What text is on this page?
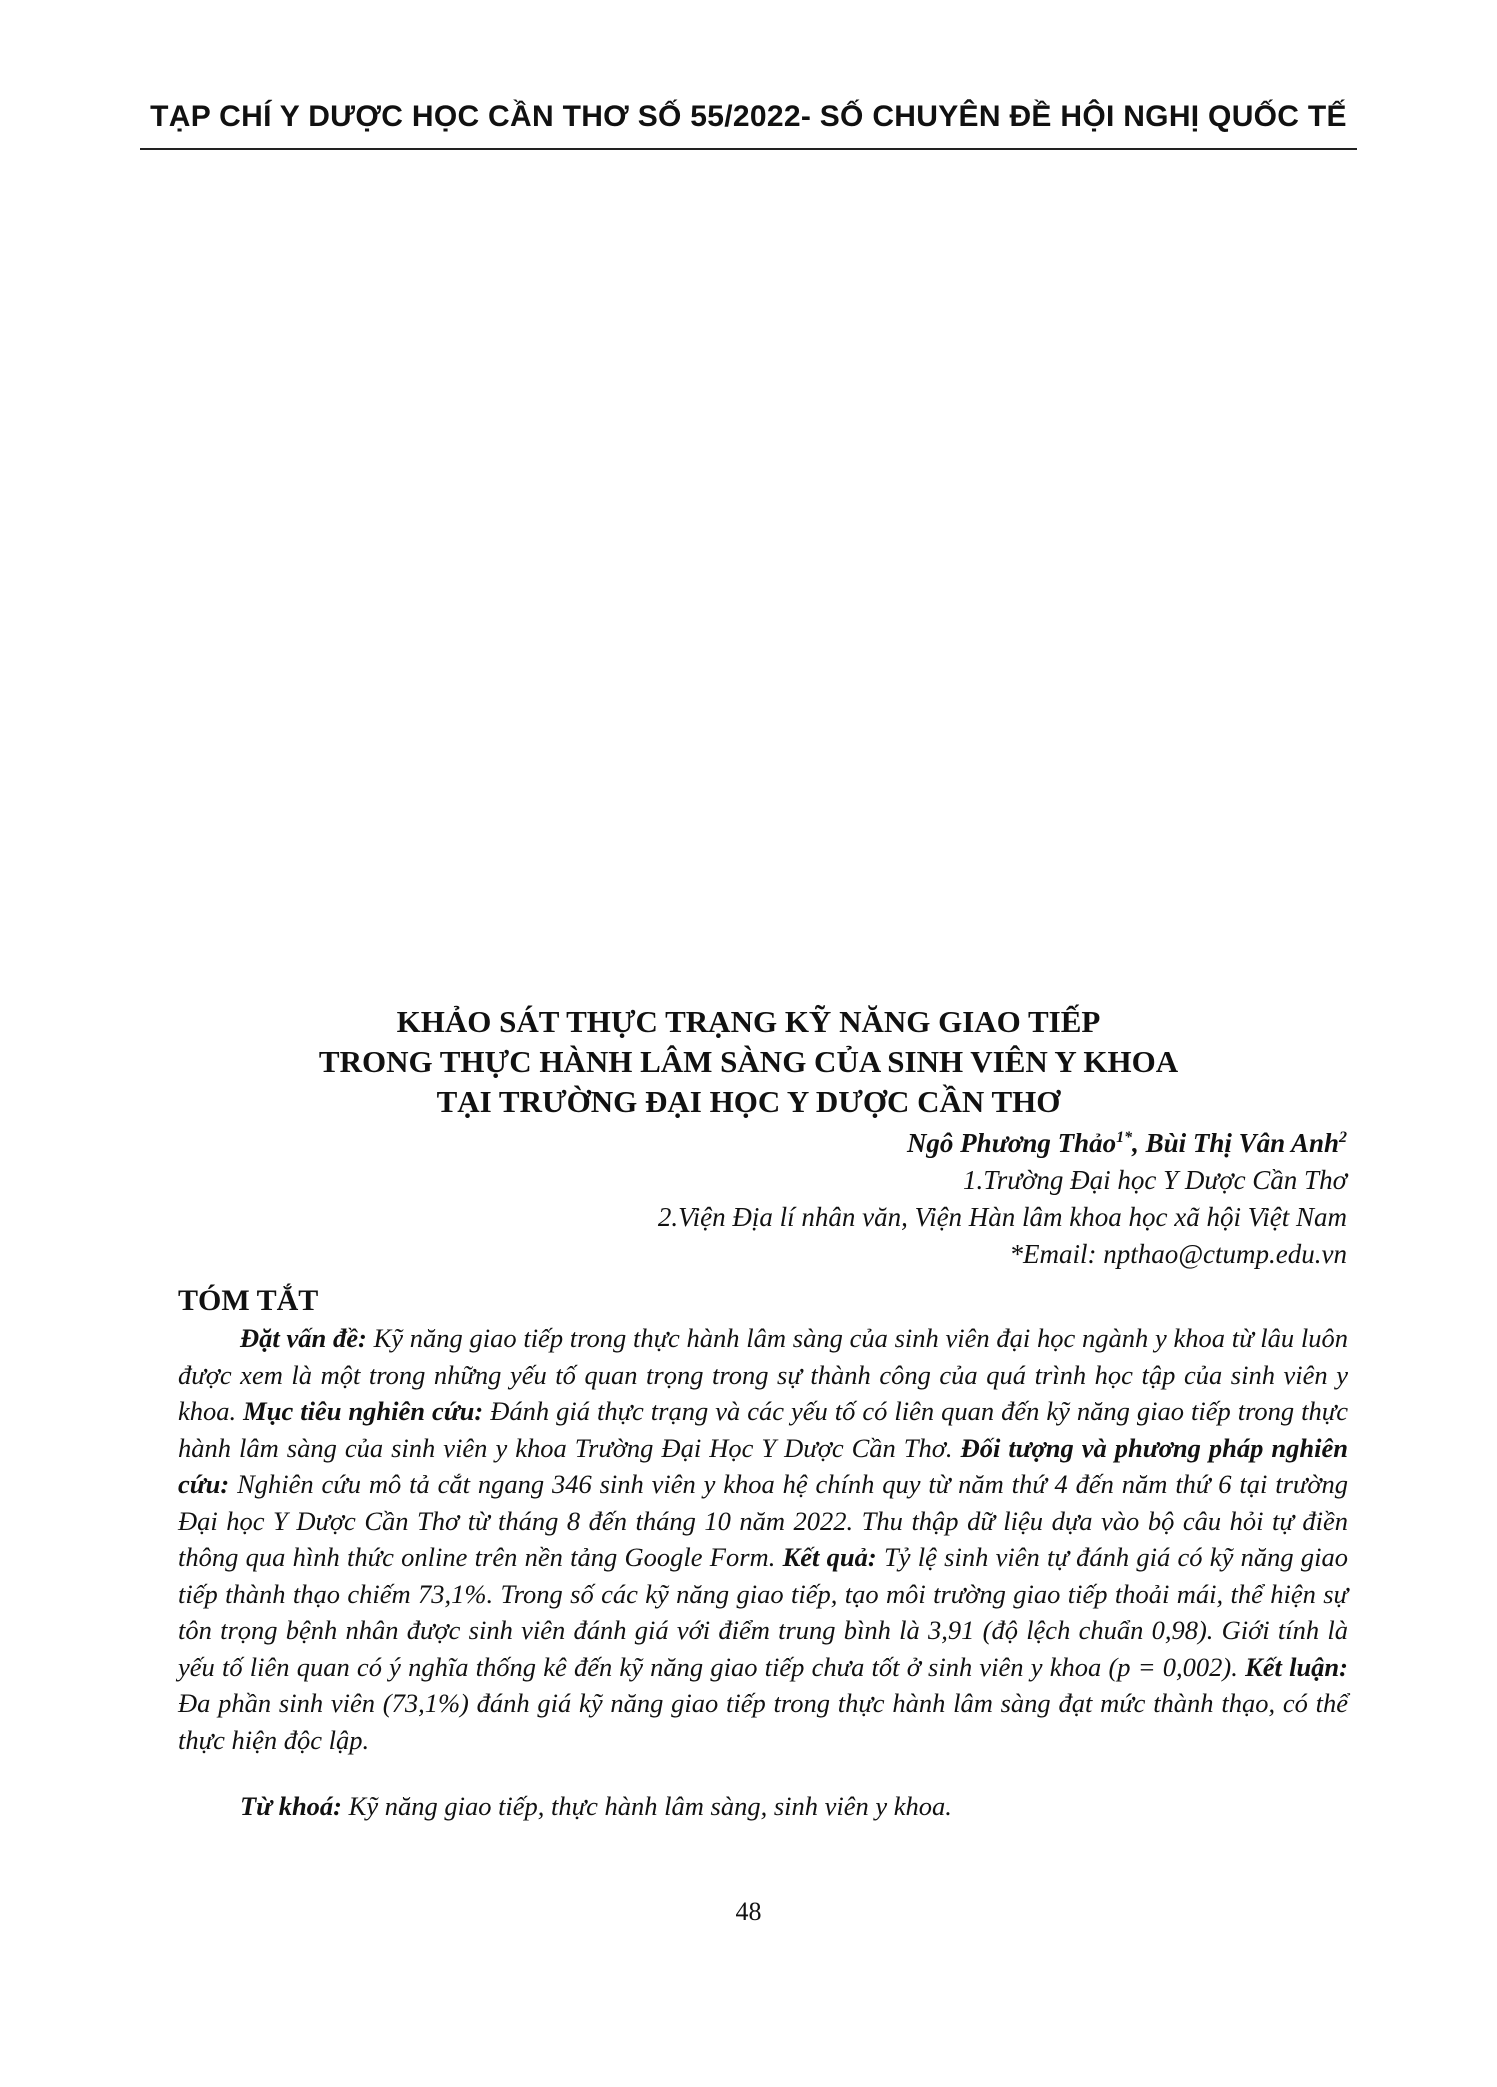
TẠP CHÍ Y DƯỢC HỌC CẦN THƠ SỐ 55/2022- SỐ CHUYÊN ĐỀ HỘI NGHỊ QUỐC TẾ
KHẢO SÁT THỰC TRẠNG KỸ NĂNG GIAO TIẾP
TRONG THỰC HÀNH LÂM SÀNG CỦA SINH VIÊN Y KHOA
TẠI TRƯỜNG ĐẠI HỌC Y DƯỢC CẦN THƠ
Ngô Phương Thảo$^{1*}$, Bùi Thị Vân Anh$^2$
1.Trường Đại học Y Dược Cần Thơ
2.Viện Địa lí nhân văn, Viện Hàn lâm khoa học xã hội Việt Nam
*Email: npthao@ctump.edu.vn
TÓM TẮT

Đặt vấn đề: Kỹ năng giao tiếp trong thực hành lâm sàng của sinh viên đại học ngành y khoa từ lâu luôn được xem là một trong những yếu tố quan trọng trong sự thành công của quá trình học tập của sinh viên y khoa. Mục tiêu nghiên cứu: Đánh giá thực trạng và các yếu tố có liên quan đến kỹ năng giao tiếp trong thực hành lâm sàng của sinh viên y khoa Trường Đại Học Y Dược Cần Thơ. Đối tượng và phương pháp nghiên cứu: Nghiên cứu mô tả cắt ngang 346 sinh viên y khoa hệ chính quy từ năm thứ 4 đến năm thứ 6 tại trường Đại học Y Dược Cần Thơ từ tháng 8 đến tháng 10 năm 2022. Thu thập dữ liệu dựa vào bộ câu hỏi tự điền thông qua hình thức online trên nền tảng Google Form. Kết quả: Tỷ lệ sinh viên tự đánh giá có kỹ năng giao tiếp thành thạo chiếm 73,1%. Trong số các kỹ năng giao tiếp, tạo môi trường giao tiếp thoải mái, thể hiện sự tôn trọng bệnh nhân được sinh viên đánh giá với điểm trung bình là 3,91 (độ lệch chuẩn 0,98). Giới tính là yếu tố liên quan có ý nghĩa thống kê đến kỹ năng giao tiếp chưa tốt ở sinh viên y khoa (p = 0,002). Kết luận: Đa phần sinh viên (73,1%) đánh giá kỹ năng giao tiếp trong thực hành lâm sàng đạt mức thành thạo, có thể thực hiện độc lập.

Từ khoá: Kỹ năng giao tiếp, thực hành lâm sàng, sinh viên y khoa.
48
